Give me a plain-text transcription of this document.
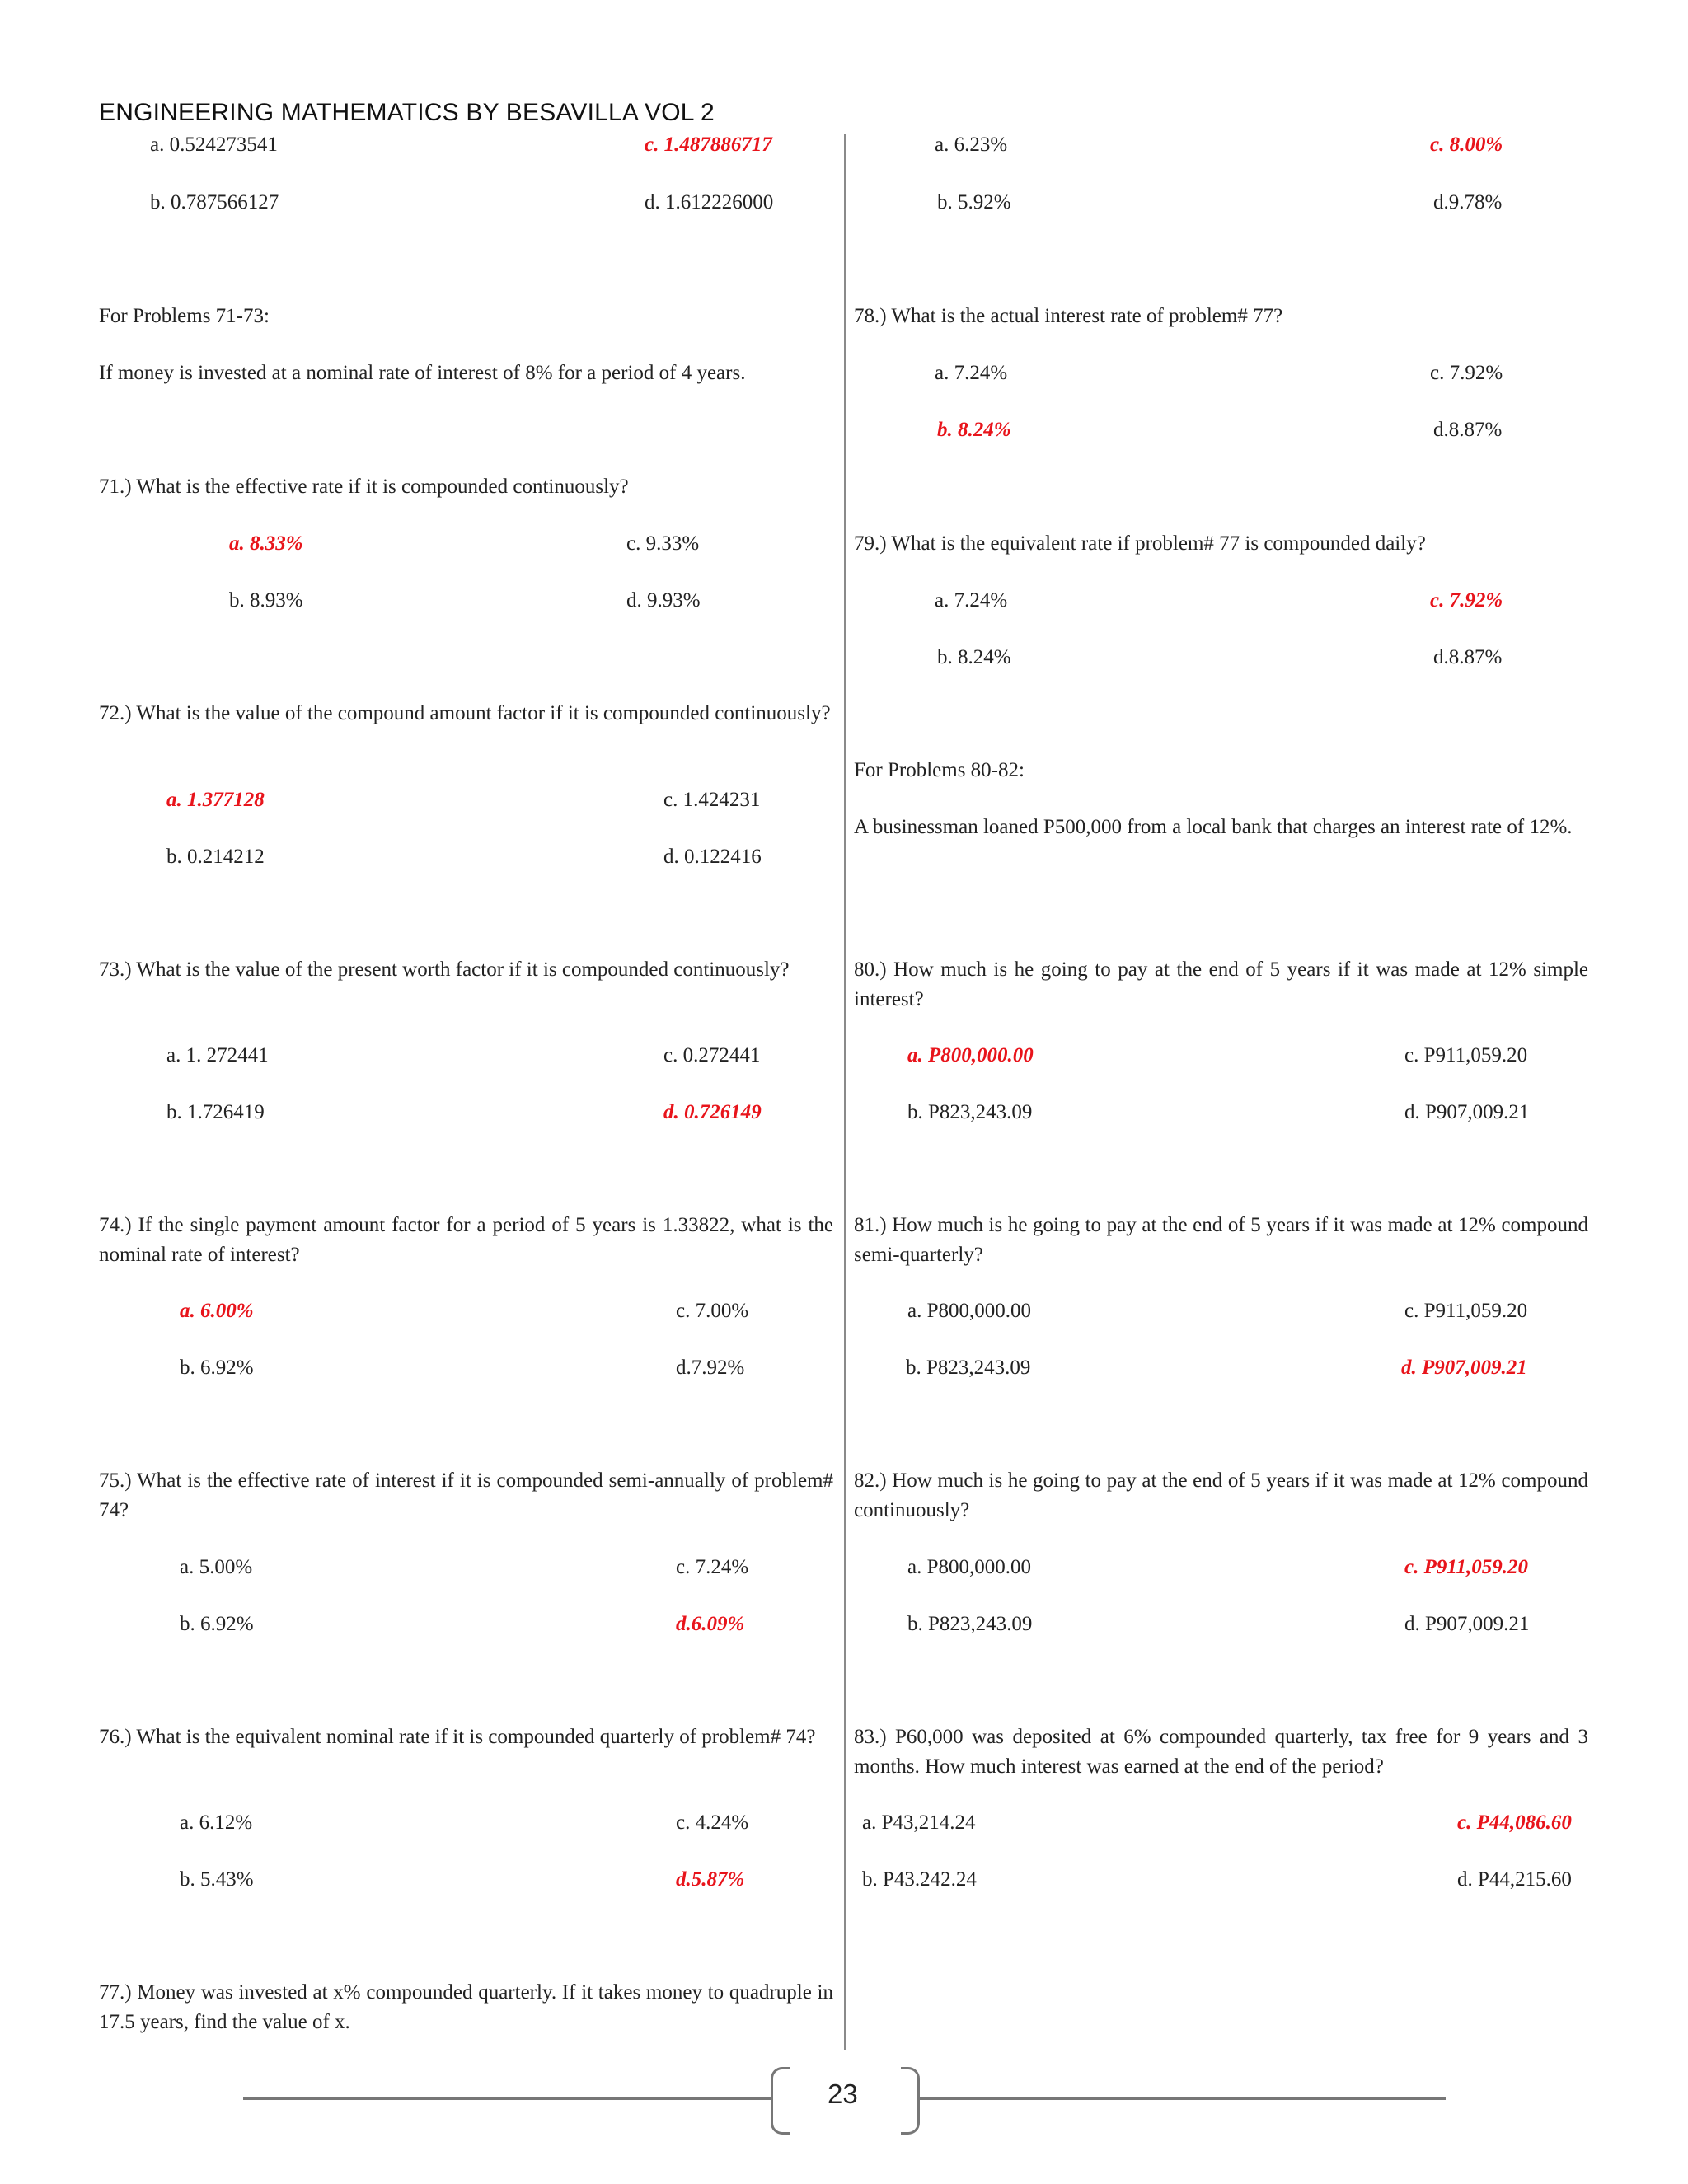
ENGINEERING MATHEMATICS BY BESAVILLA VOL 2
a. 0.524273541	c. 1.487886717
b. 0.787566127	d. 1.612226000
For Problems 71-73:
If money is invested at a nominal rate of interest of 8% for a period of 4 years.
71.) What is the effective rate if it is compounded continuously?
a. 8.33%	c. 9.33%
b. 8.93%	d. 9.93%
72.) What is the value of the compound amount factor if it is compounded continuously?
a. 1.377128	c. 1.424231
b. 0.214212	d. 0.122416
73.) What is the value of the present worth factor if it is compounded continuously?
a. 1. 272441	c. 0.272441
b. 1.726419	d. 0.726149
74.) If the single payment amount factor for a period of 5 years is 1.33822, what is the nominal rate of interest?
a. 6.00%	c. 7.00%
b. 6.92%	d.7.92%
75.) What is the effective rate of interest if it is compounded semi-annually of problem# 74?
a. 5.00%	c. 7.24%
b. 6.92%	d.6.09%
76.) What is the equivalent nominal rate if it is compounded quarterly of problem# 74?
a. 6.12%	c. 4.24%
b. 5.43%	d.5.87%
77.) Money was invested at x% compounded quarterly. If it takes money to quadruple in 17.5 years, find the value of x.
a. 6.23%	c. 8.00%
b. 5.92%	d.9.78%
78.) What is the actual interest rate of problem# 77?
a. 7.24%	c. 7.92%
b. 8.24%	d.8.87%
79.) What is the equivalent rate if problem# 77 is compounded daily?
a. 7.24%	c. 7.92%
b. 8.24%	d.8.87%
For Problems 80-82:
A businessman loaned P500,000 from a local bank that charges an interest rate of 12%.
80.) How much is he going to pay at the end of 5 years if it was made at 12% simple interest?
a. P800,000.00	c. P911,059.20
b. P823,243.09	d. P907,009.21
81.) How much is he going to pay at the end of 5 years if it was made at 12% compound semi-quarterly?
a. P800,000.00	c. P911,059.20
b. P823,243.09	d. P907,009.21
82.) How much is he going to pay at the end of 5 years if it was made at 12% compound continuously?
a. P800,000.00	c. P911,059.20
b. P823,243.09	d. P907,009.21
83.) P60,000 was deposited at 6% compounded quarterly, tax free for 9 years and 3 months. How much interest was earned at the end of the period?
a. P43,214.24	c. P44,086.60
b. P43.242.24	d. P44,215.60
23
